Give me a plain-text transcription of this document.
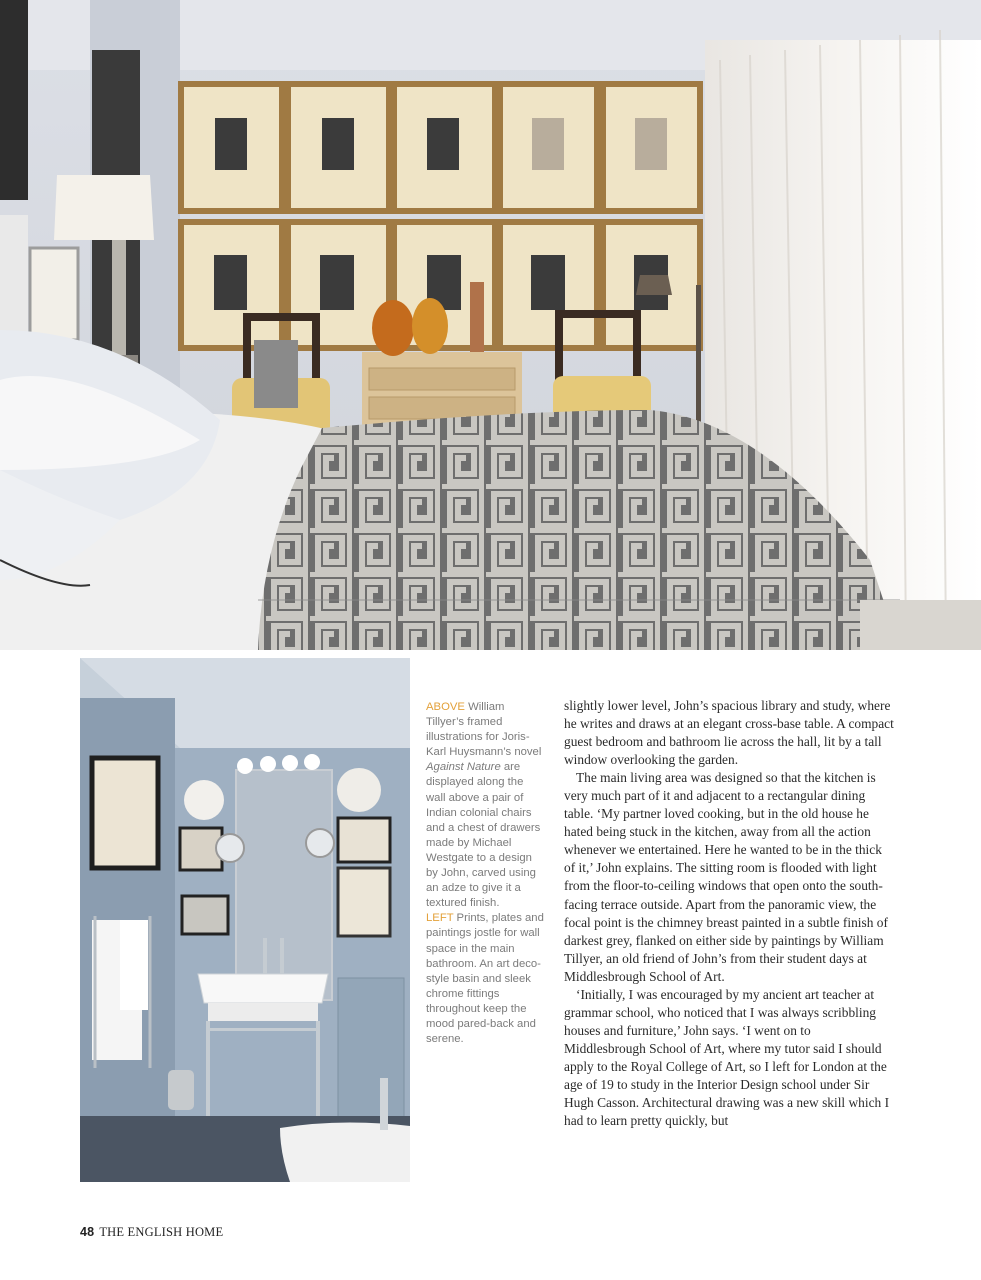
ABOVE William Tillyer’s framed illustrations for Joris-Karl Huysmann’s novel Against Nature are displayed along the wall above a pair of Indian colonial chairs and a chest of drawers made by Michael Westgate to a design by John, carved using an adze to give it a textured finish.

LEFT Prints, plates and paintings jostle for wall space in the main bathroom. An art deco-style basin and sleek chrome fittings throughout keep the mood pared-back and serene.

slightly lower level, John’s spacious library and study, where he writes and draws at an elegant cross-base table. A compact guest bedroom and bathroom lie across the hall, lit by a tall window overlooking the garden.

The main living area was designed so that the kitchen is very much part of it and adjacent to a rectangular dining table. ‘My partner loved cooking, but in the old house he hated being stuck in the kitchen, away from all the action whenever we entertained. Here he wanted to be in the thick of it,’ John explains. The sitting room is flooded with light from the floor-to-ceiling windows that open onto the south-facing terrace outside. Apart from the panoramic view, the focal point is the chimney breast painted in a subtle finish of darkest grey, flanked on either side by paintings by William Tillyer, an old friend of John’s from their student days at Middlesbrough School of Art.

‘Initially, I was encouraged by my ancient art teacher at grammar school, who noticed that I was always scribbling houses and furniture,’ John says. ‘I went on to Middlesbrough School of Art, where my tutor said I should apply to the Royal College of Art, so I left for London at the age of 19 to study in the Interior Design school under Sir Hugh Casson. Architectural drawing was a new skill which I had to learn pretty quickly, but

48 THE ENGLISH HOME
